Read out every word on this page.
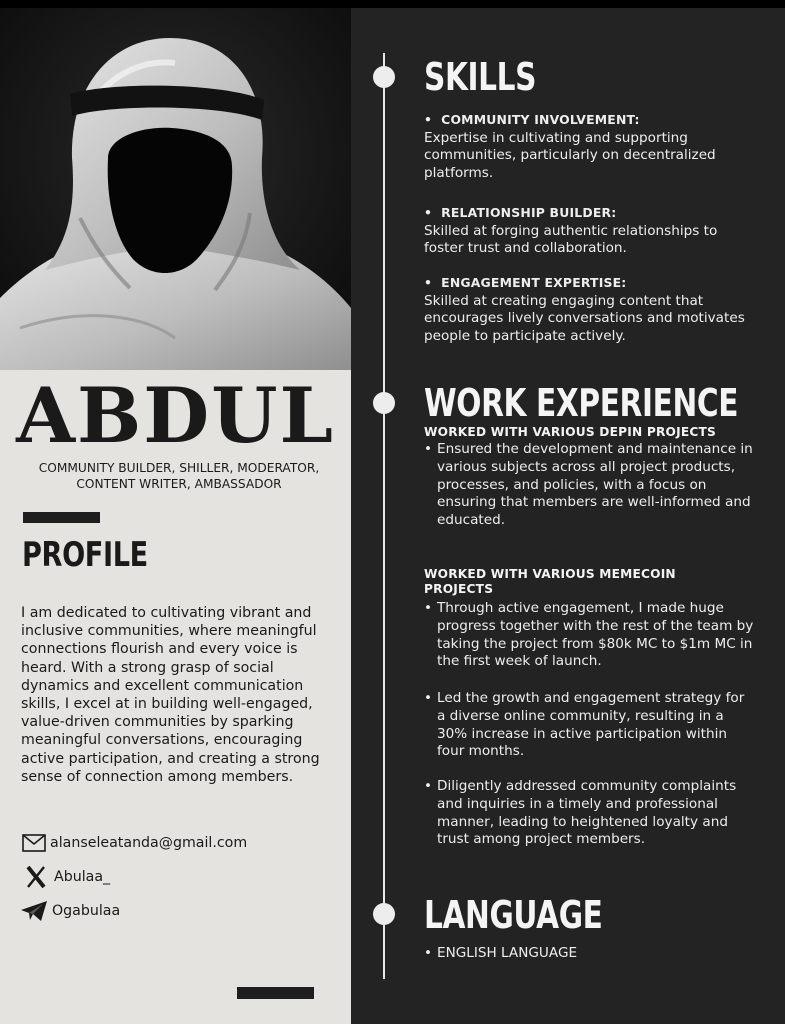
ABDUL
COMMUNITY BUILDER, SHILLER, MODERATOR, CONTENT WRITER, AMBASSADOR
PROFILE
I am dedicated to cultivating vibrant and inclusive communities, where meaningful connections flourish and every voice is heard. With a strong grasp of social dynamics and excellent communication skills, I excel at in building well-engaged, value-driven communities by sparking meaningful conversations, encouraging active participation, and creating a strong sense of connection among members.
alanseleatanda@gmail.com
Abulaa_
Ogabulaa
SKILLS
•  COMMUNITY INVOLVEMENT:
Expertise in cultivating and supporting communities, particularly on decentralized platforms.
•  RELATIONSHIP BUILDER:
Skilled at forging authentic relationships to foster trust and collaboration.
•  ENGAGEMENT EXPERTISE:
Skilled at creating engaging content that encourages lively conversations and motivates people to participate actively.
WORK EXPERIENCE
WORKED WITH VARIOUS DEPIN PROJECTS
• Ensured the development and maintenance in various subjects across all project products, processes, and policies, with a focus on ensuring that members are well-informed and educated.
WORKED WITH VARIOUS MEMECOIN PROJECTS
• Through active engagement, I made huge progress together with the rest of the team by taking the project from $80k MC to $1m MC in the first week of launch.
• Led the growth and engagement strategy for a diverse online community, resulting in a 30% increase in active participation within four months.
• Diligently addressed community complaints and inquiries in a timely and professional manner, leading to heightened loyalty and trust among project members.
LANGUAGE
• ENGLISH LANGUAGE
